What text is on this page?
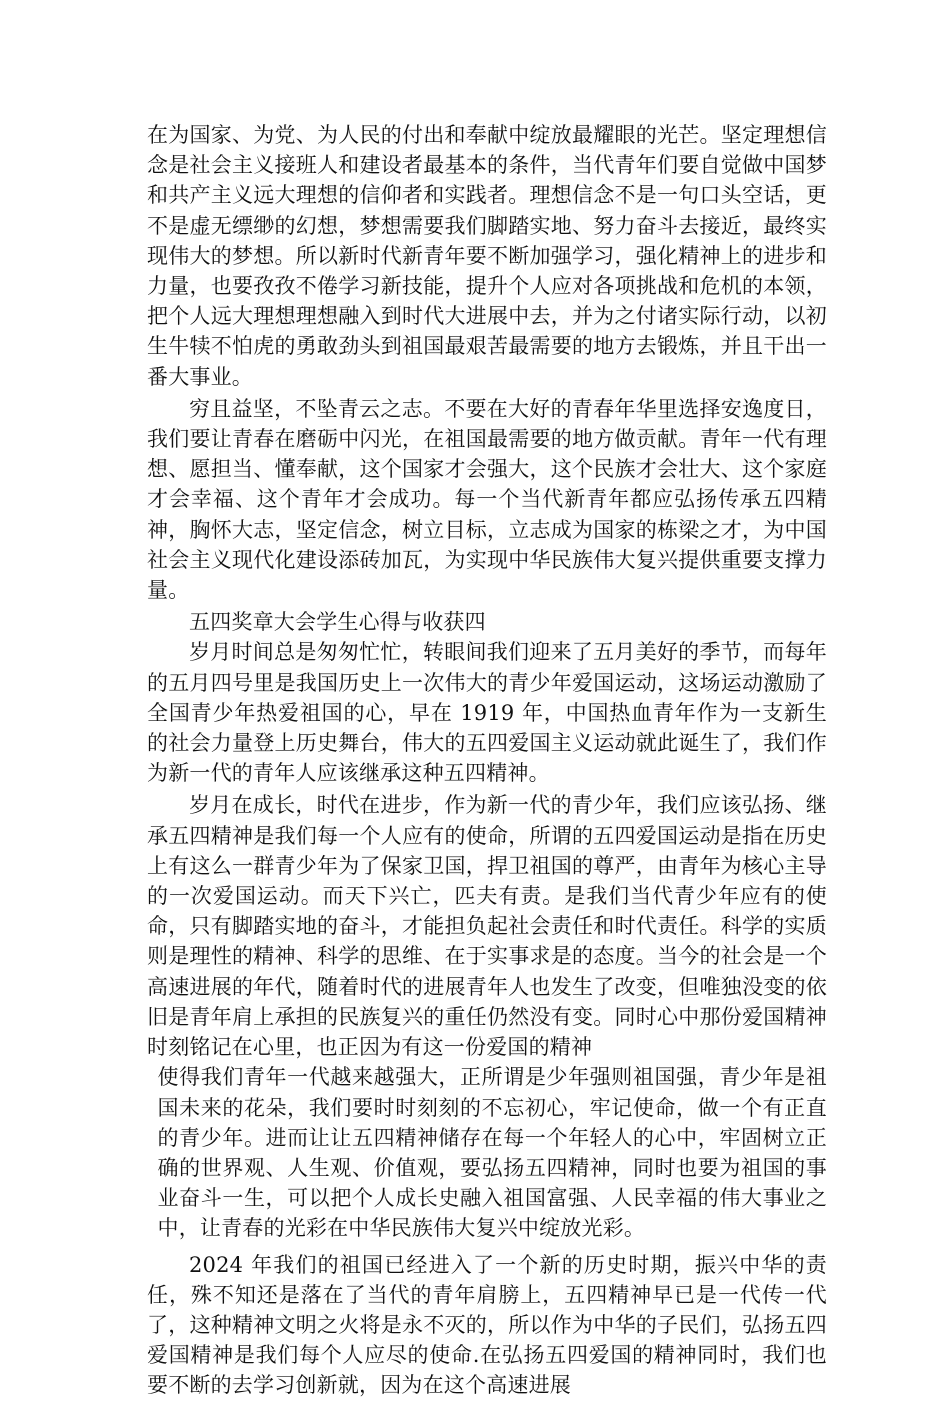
在为国家、为党、为人民的付出和奉献中绽放最耀眼的光芒。坚定理想信念是社会主义接班人和建设者最基本的条件，当代青年们要自觉做中国梦和共产主义远大理想的信仰者和实践者。理想信念不是一句口头空话，更不是虚无缥缈的幻想，梦想需要我们脚踏实地、努力奋斗去接近，最终实现伟大的梦想。所以新时代新青年要不断加强学习，强化精神上的进步和力量，也要孜孜不倦学习新技能，提升个人应对各项挑战和危机的本领，把个人远大理想理想融入到时代大进展中去，并为之付诸实际行动，以初生牛犊不怕虎的勇敢劲头到祖国最艰苦最需要的地方去锻炼，并且干出一番大事业。

穷且益坚，不坠青云之志。不要在大好的青春年华里选择安逸度日，我们要让青春在磨砺中闪光，在祖国最需要的地方做贡献。青年一代有理想、愿担当、懂奉献，这个国家才会强大，这个民族才会壮大、这个家庭才会幸福、这个青年才会成功。每一个当代新青年都应弘扬传承五四精神，胸怀大志，坚定信念，树立目标，立志成为国家的栋梁之才，为中国社会主义现代化建设添砖加瓦，为实现中华民族伟大复兴提供重要支撑力量。

五四奖章大会学生心得与收获四

岁月时间总是匆匆忙忙，转眼间我们迎来了五月美好的季节，而每年的五月四号里是我国历史上一次伟大的青少年爱国运动，这场运动激励了全国青少年热爱祖国的心，早在 1919 年，中国热血青年作为一支新生的社会力量登上历史舞台，伟大的五四爱国主义运动就此诞生了，我们作为新一代的青年人应该继承这种五四精神。

岁月在成长，时代在进步，作为新一代的青少年，我们应该弘扬、继承五四精神是我们每一个人应有的使命，所谓的五四爱国运动是指在历史上有这么一群青少年为了保家卫国，捍卫祖国的尊严，由青年为核心主导的一次爱国运动。而天下兴亡，匹夫有责。是我们当代青少年应有的使命，只有脚踏实地的奋斗，才能担负起社会责任和时代责任。科学的实质则是理性的精神、科学的思维、在于实事求是的态度。当今的社会是一个高速进展的年代，随着时代的进展青年人也发生了改变，但唯独没变的依旧是青年肩上承担的民族复兴的重任仍然没有变。同时心中那份爱国精神时刻铭记在心里，也正因为有这一份爱国的精神

使得我们青年一代越来越强大，正所谓是少年强则祖国强，青少年是祖国未来的花朵，我们要时时刻刻的不忘初心，牢记使命，做一个有正直的青少年。进而让让五四精神储存在每一个年轻人的心中，牢固树立正确的世界观、人生观、价值观，要弘扬五四精神，同时也要为祖国的事业奋斗一生，可以把个人成长史融入祖国富强、人民幸福的伟大事业之中，让青春的光彩在中华民族伟大复兴中绽放光彩。

2024 年我们的祖国已经进入了一个新的历史时期，振兴中华的责任，殊不知还是落在了当代的青年肩膀上，五四精神早已是一代传一代了，这种精神文明之火将是永不灭的，所以作为中华的子民们，弘扬五四爱国精神是我们每个人应尽的使命.在弘扬五四爱国的精神同时，我们也要不断的去学习创新就，因为在这个高速进展
